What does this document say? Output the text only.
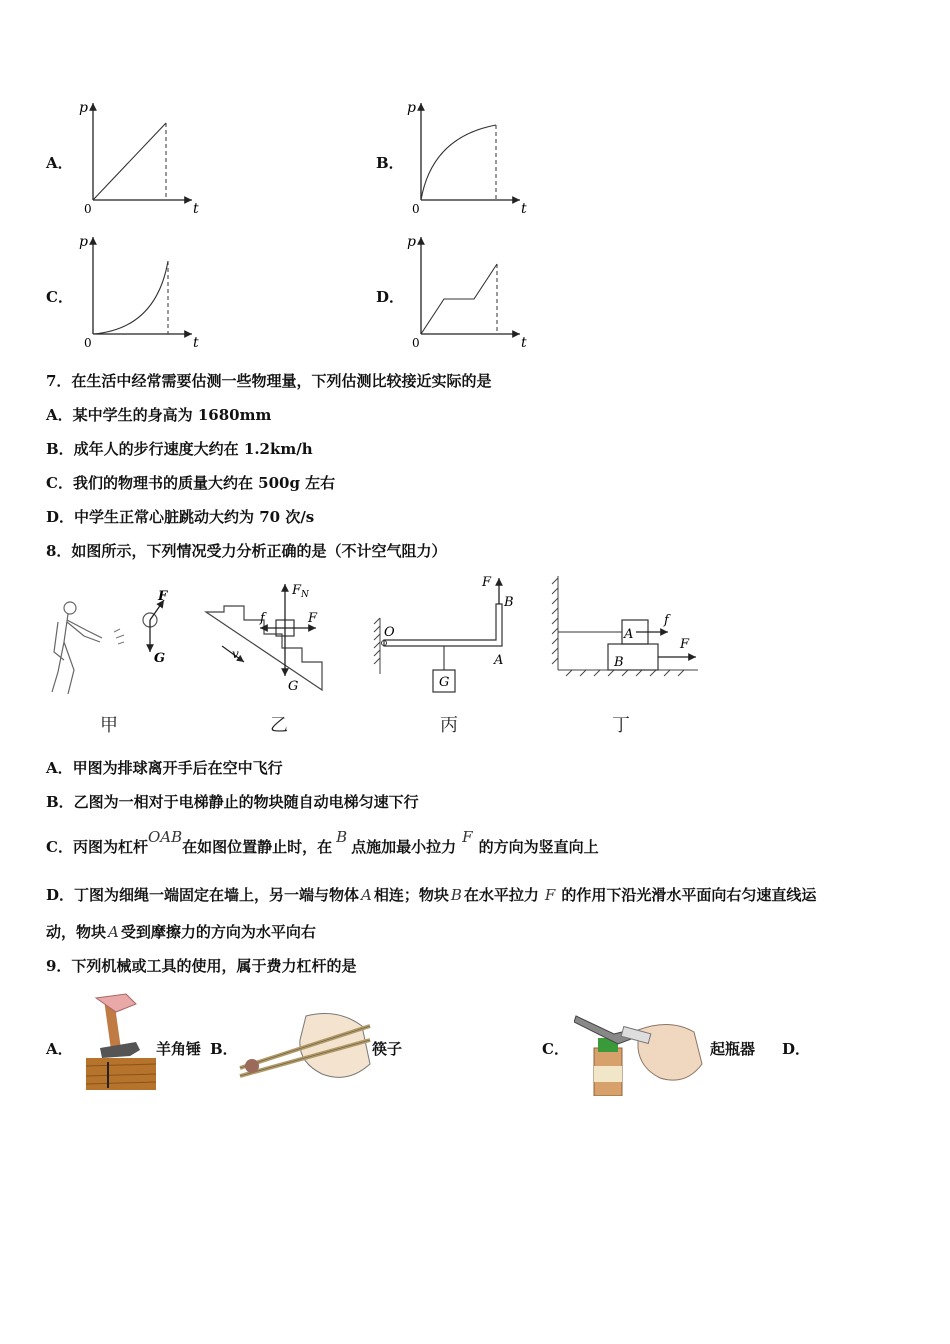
A．
p
t
0
B．
p
t
0
C．
p
t
0
D．
p
t
0
7．在生活中经常需要估测一些物理量，下列估测比较接近实际的是
A．某中学生的身高为 1680mm
B．成年人的步行速度大约在 1.2km/h
C．我们的物理书的质量大约在 500g 左右
D．中学生正常心脏跳动大约为 70 次/s
8．如图所示，下列情况受力分析正确的是（不计空气阻力）
F
G
甲
$F_N$
f	F
G
v
乙
F
B
O
A
G
丙
f
F
A
B
丁
A．甲图为排球离开手后在空中飞行
B．乙图为一相对于电梯静止的物块随自动电梯匀速下行
C．丙图为杠杆OAB在如图位置静止时，在B点施加最小拉力F的方向为竖直向上
D．丁图为细绳一端固定在墙上，另一端与物体 A 相连；物块 B 在水平拉力 F 的作用下沿光滑水平面向右匀速直线运
动，物块 A 受到摩擦力的方向为水平向右
9．下列机械或工具的使用，属于费力杠杆的是
A．	羊角锤 B．	筷子	C．	起瓶器 D．
